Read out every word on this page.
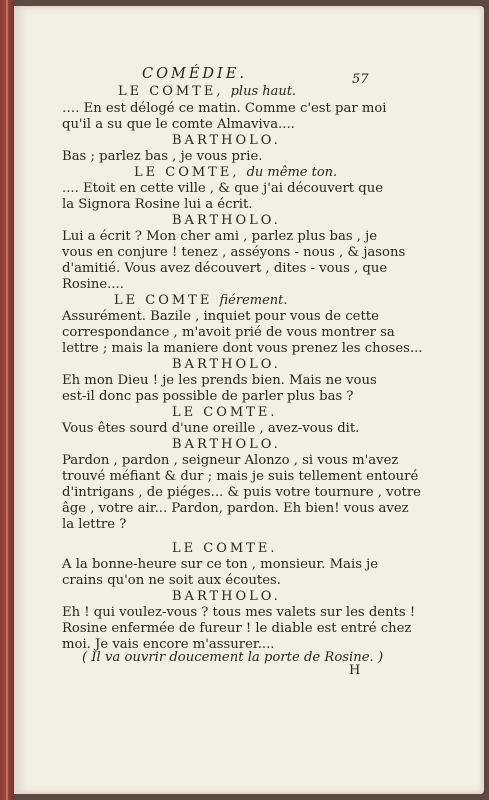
COMÉDIE.	57
LE COMTE, plus haut.
…. En est délogé ce matin. Comme c'est par moi
qu'il a su que le comte Almaviva....
BARTHOLO.
Bas ; parlez bas , je vous prie.
LE COMTE, du même ton.
.... Etoit en cette ville , & que j'ai découvert que
la Signora Rosine lui a écrit.
BARTHOLO.
Lui a écrit ? Mon cher ami , parlez plus bas , je
vous en conjure ! tenez , asséyons - nous , & jasons
d'amitié. Vous avez découvert , dites - vous , que
Rosine....
LE COMTE fiérement.
Assurément. Bazile , inquiet pour vous de cette
correspondance , m'avoit prié de vous montrer sa
lettre ; mais la maniere dont vous prenez les choses...
BARTHOLO.
Eh mon Dieu ! je les prends bien. Mais ne vous
est-il donc pas possible de parler plus bas ?
LE COMTE.
Vous êtes sourd d'une oreille , avez-vous dit.
BARTHOLO.
Pardon , pardon , seigneur Alonzo , si vous m'avez
trouvé méfiant & dur ; mais je suis tellement entouré
d'intrigans , de piéges... & puis votre tournure , votre
âge , votre air... Pardon, pardon. Eh bien! vous avez
la lettre ?
LE COMTE.
A la bonne-heure sur ce ton , monsieur. Mais je
crains qu'on ne soit aux écoutes.
BARTHOLO.
Eh ! qui voulez-vous ? tous mes valets sur les dents !
Rosine enfermée de fureur ! le diable est entré chez
moi. Je vais encore m'assurer....
( Il va ouvrir doucement la porte de Rosine. )
H
